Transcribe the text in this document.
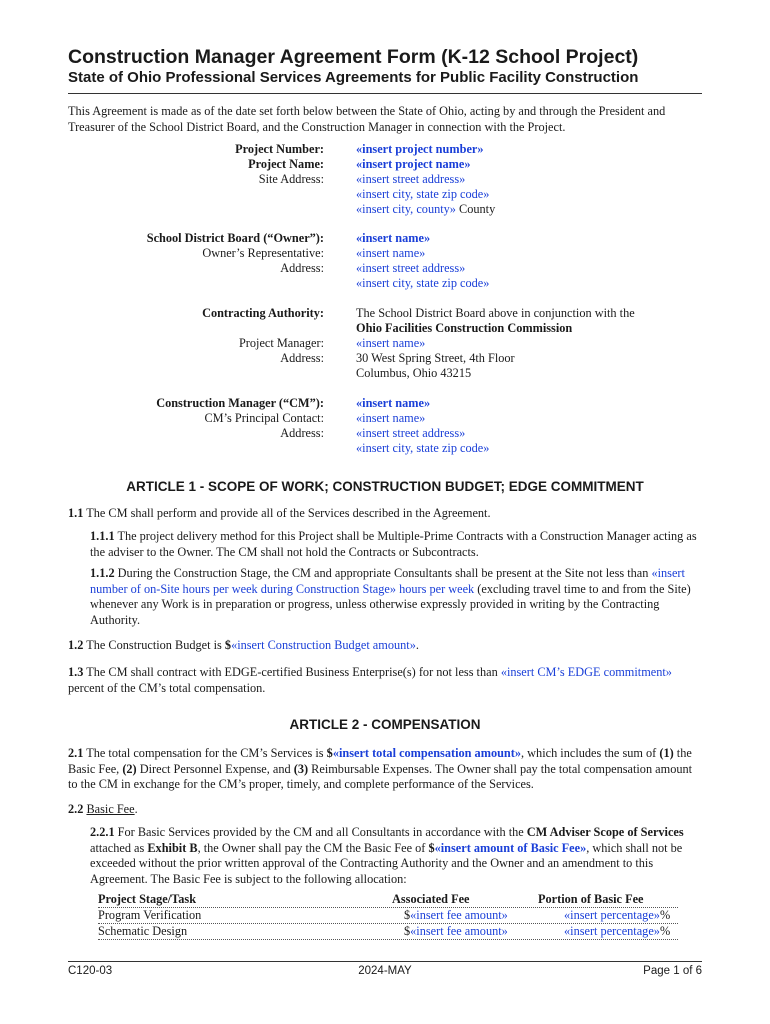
Construction Manager Agreement Form (K-12 School Project)
State of Ohio Professional Services Agreements for Public Facility Construction

This Agreement is made as of the date set forth below between the State of Ohio, acting by and through the President and Treasurer of the School District Board, and the Construction Manager in connection with the Project.

Project Number:	«insert project number»
Project Name:	«insert project name»
Site Address:	«insert street address»
«insert city, state zip code»
«insert city, county» County
School District Board (“Owner”):	«insert name»
Owner’s Representative:	«insert name»
Address:	«insert street address»
«insert city, state zip code»
Contracting Authority:	The School District Board above in conjunction with the
Ohio Facilities Construction Commission
Project Manager:	«insert name»
Address:	30 West Spring Street, 4th Floor
Columbus, Ohio 43215
Construction Manager (“CM”):	«insert name»
CM’s Principal Contact:	«insert name»
Address:	«insert street address»
«insert city, state zip code»
ARTICLE 1 - SCOPE OF WORK; CONSTRUCTION BUDGET; EDGE COMMITMENT

1.1 The CM shall perform and provide all of the Services described in the Agreement.

1.1.1 The project delivery method for this Project shall be Multiple-Prime Contracts with a Construction Manager acting as the adviser to the Owner. The CM shall not hold the Contracts or Subcontracts.

1.1.2 During the Construction Stage, the CM and appropriate Consultants shall be present at the Site not less than «insert number of on-Site hours per week during Construction Stage» hours per week (excluding travel time to and from the Site) whenever any Work is in preparation or progress, unless otherwise expressly provided in writing by the Contracting Authority.

1.2 The Construction Budget is $«insert Construction Budget amount».

1.3 The CM shall contract with EDGE-certified Business Enterprise(s) for not less than «insert CM’s EDGE commitment» percent of the CM’s total compensation.

ARTICLE 2 - COMPENSATION

2.1 The total compensation for the CM’s Services is $«insert total compensation amount», which includes the sum of (1) the Basic Fee, (2) Direct Personnel Expense, and (3) Reimbursable Expenses. The Owner shall pay the total compensation amount to the CM in exchange for the CM’s proper, timely, and complete performance of the Services.

2.2 Basic Fee.

2.2.1 For Basic Services provided by the CM and all Consultants in accordance with the CM Adviser Scope of Services attached as Exhibit B, the Owner shall pay the CM the Basic Fee of $«insert amount of Basic Fee», which shall not be exceeded without the prior written approval of the Contracting Authority and the Owner and an amendment to this Agreement. The Basic Fee is subject to the following allocation:

Project Stage/Task	Associated Fee	Portion of Basic Fee
Program Verification	$«insert fee amount»	«insert percentage»%
Schematic Design	$«insert fee amount»	«insert percentage»%
C120-03	2024-MAY	Page 1 of 6
